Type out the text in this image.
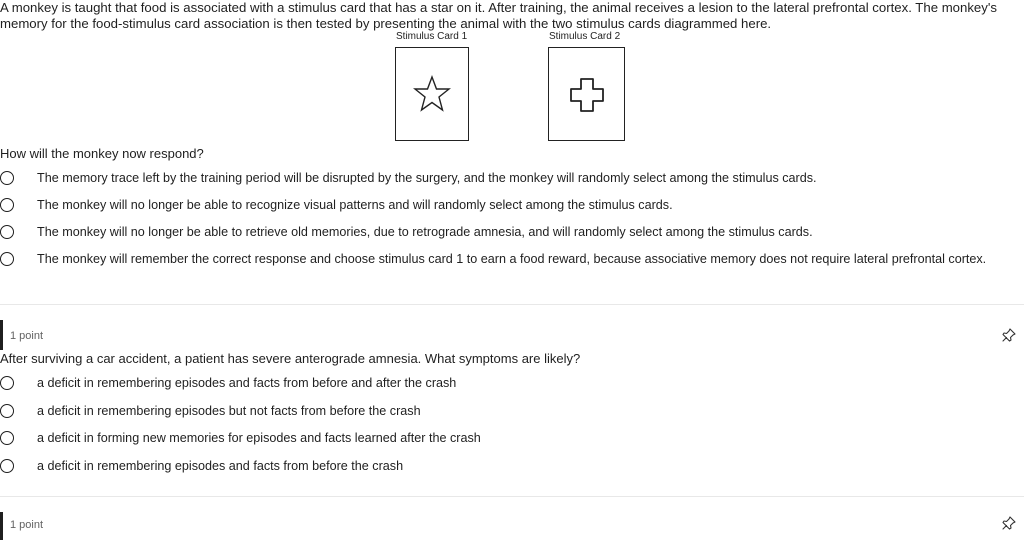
A monkey is taught that food is associated with a stimulus card that has a star on it. After training, the animal receives a lesion to the lateral prefrontal cortex. The monkey's

memory for the food-stimulus card association is then tested by presenting the animal with the two stimulus cards diagrammed here.

Stimulus Card 1	Stimulus Card 2
How will the monkey now respond?
The memory trace left by the training period will be disrupted by the surgery, and the monkey will randomly select among the stimulus cards.
The monkey will no longer be able to recognize visual patterns and will randomly select among the stimulus cards.
The monkey will no longer be able to retrieve old memories, due to retrograde amnesia, and will randomly select among the stimulus cards.
The monkey will remember the correct response and choose stimulus card 1 to earn a food reward, because associative memory does not require lateral prefrontal cortex.
1 point
After surviving a car accident, a patient has severe anterograde amnesia. What symptoms are likely?
a deficit in remembering episodes and facts from before and after the crash
a deficit in remembering episodes but not facts from before the crash
a deficit in forming new memories for episodes and facts learned after the crash
a deficit in remembering episodes and facts from before the crash
1 point
